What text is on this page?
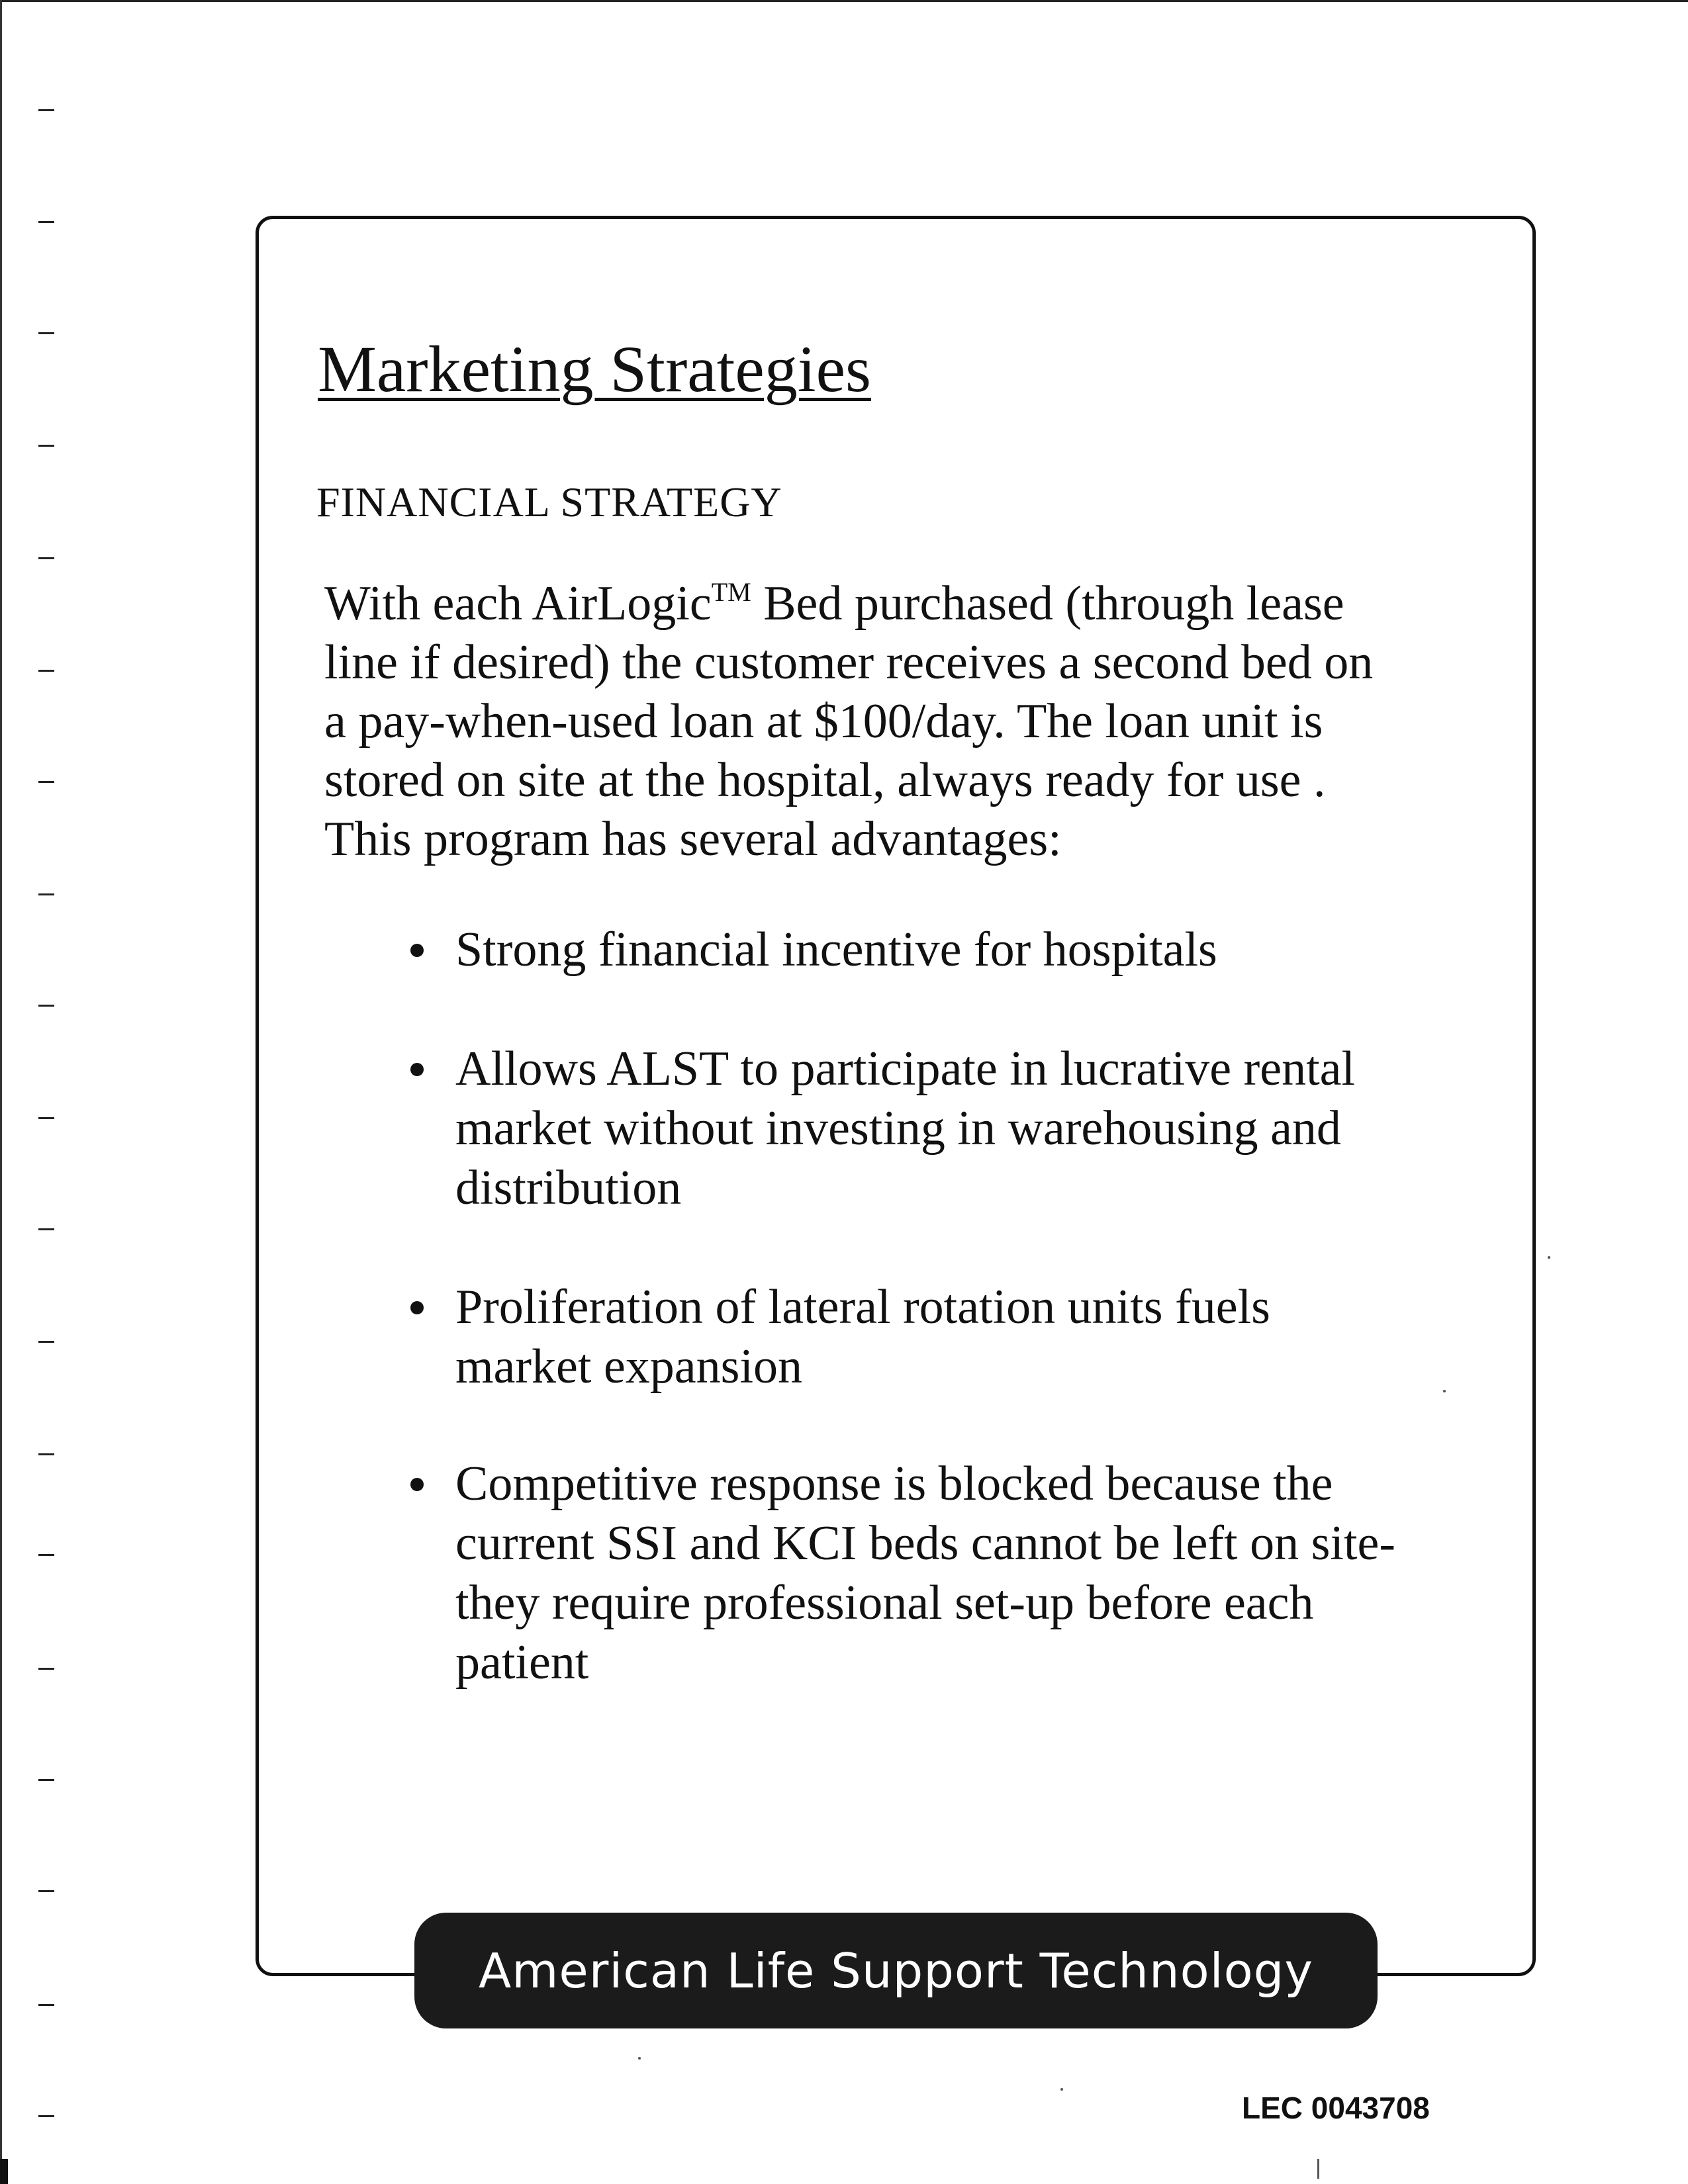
Marketing Strategies
FINANCIAL STRATEGY

With each AirLogic™ Bed purchased (through lease
line if desired) the customer receives a second bed on
a pay-when-used loan at $100/day. The loan unit is
stored on site at the hospital, always ready for use .
This program has several advantages:

Strong financial incentive for hospitals
Allows ALST to participate in lucrative rental
market without investing in warehousing and
distribution
Proliferation of lateral rotation units fuels
market expansion
Competitive response is blocked because the
current SSI and KCI beds cannot be left on site-
they require professional set-up before each
patient
American Life Support Technology
LEC 0043708
